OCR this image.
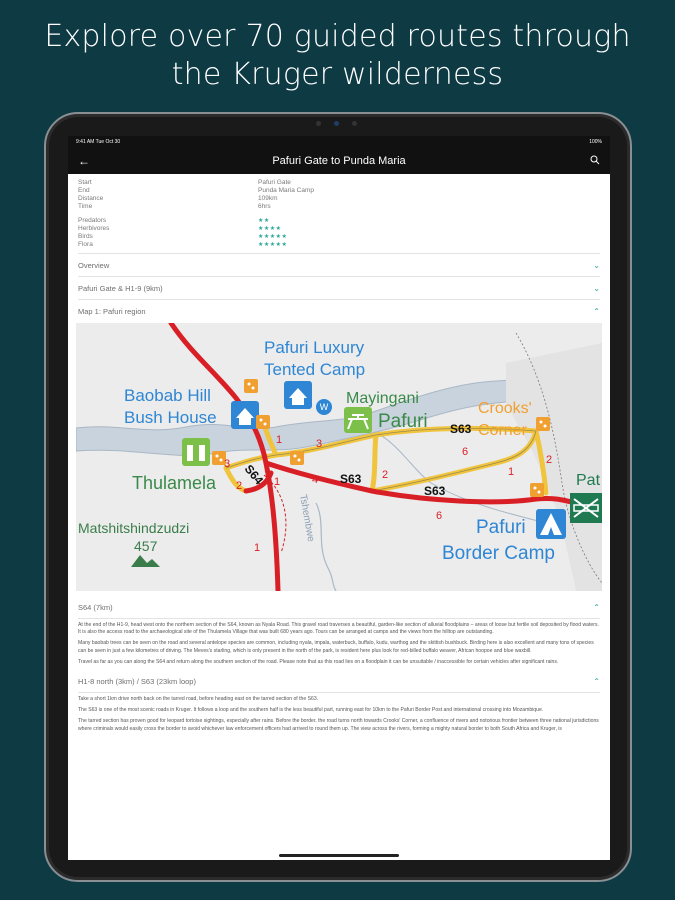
Explore over 70 guided routes through
the Kruger wilderness
9:41 AM Tue Oct 30	100%
←	Pafuri Gate to Punda Maria
Start	Pafuri Gate
End	Punda Maria Camp
Distance	109km
Time	6hrs
Predators	★★
Herbivores	★★★★
Birds	★★★★★
Flora	★★★★★
Overview	⌄
Pafuri Gate & H1-9 (9km)	⌄
Map 1: Pafuri region	⌃
W
Pafuri Luxury
Tented Camp
Baobab Hill
Bush House
Mayingani
Pafuri
Crooks'
Corner
Thulamela
Pafuri
Border Camp
Matshitshindzudzi
457
Tshembwe
Pat
S63
S63
S63
S64
3
2
3
1	4	2
6
2
1
6
1
1
S64 (7km)	⌃

At the end of the H1-9, head west onto the northern section of the S64, known as Nyala Road. This gravel road traverses a beautiful, garden-like section of alluvial floodplains – areas of loose but fertile soil deposited by flood waters. It is also the access road to the archaeological site of the Thulamela Village that was built 680 years ago. Tours can be arranged at camps and the views from the hilltop are outstanding.

Many baobab trees can be seen on the road and several antelope species are common, including nyala, impala, waterbuck, buffalo, kudu, warthog and the skittish bushbuck. Birding here is also excellent and many tons of species can be seen in just a few kilometres of driving. The Meves's starling, which is only present in the north of the park, is resident here plus look for red-billed buffalo weaver, African hoopoe and blue waxbill.

Travel as far as you can along the S64 and return along the southern section of the road. Please note that as this road lies on a floodplain it can be unsuitable / inaccessible for certain vehicles after significant rains.

H1-8 north (3km) / S63 (23km loop)	⌃

Take a short 1km drive north back on the tarred road, before heading east on the tarred section of the S63.

The S63 is one of the most scenic roads in Kruger. It follows a loop and the southern half is the less beautiful part, running east for 10km to the Pafuri Border Post and international crossing into Mozambique.

The tarred section has proven good for leopard tortoise sightings, especially after rains. Before the border, the road turns north towards Crooks' Corner, a confluence of rivers and notorious frontier between three national jurisdictions where criminals would easily cross the border to avoid whichever law enforcement officers had arrived to round them up. The view across the rivers, forming a mighty natural border to both South Africa and Kruger, is
